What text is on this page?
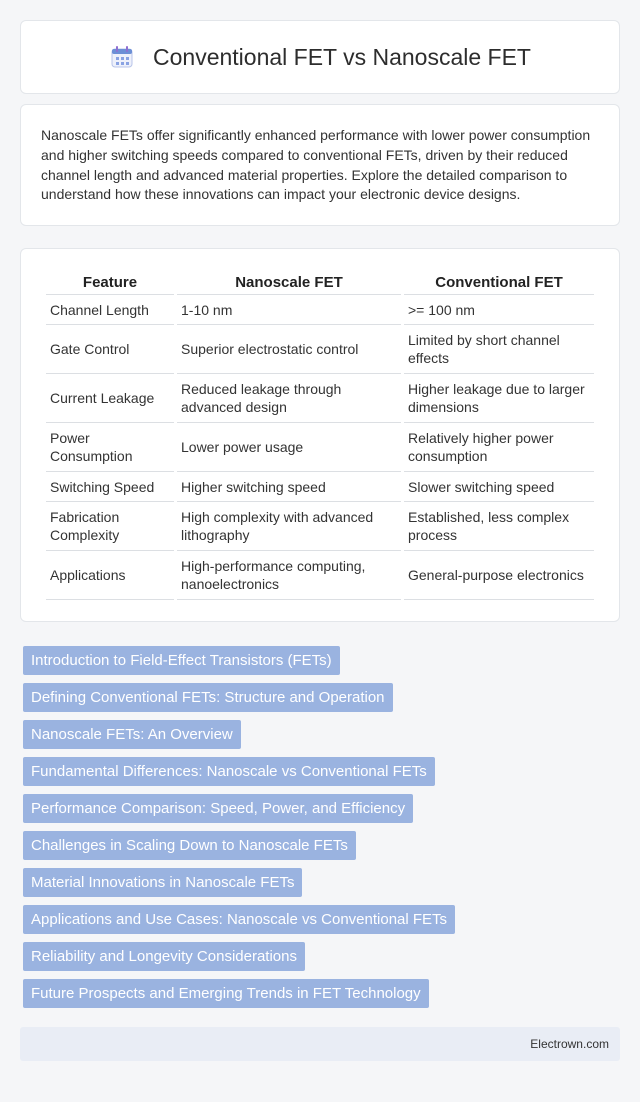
Conventional FET vs Nanoscale FET

Nanoscale FETs offer significantly enhanced performance with lower power consumption and higher switching speeds compared to conventional FETs, driven by their reduced channel length and advanced material properties. Explore the detailed comparison to understand how these innovations can impact your electronic device designs.

Feature	Nanoscale FET	Conventional FET
Channel Length	1-10 nm	>= 100 nm
Gate Control	Superior electrostatic control	Limited by short channel effects
Current Leakage	Reduced leakage through advanced design	Higher leakage due to larger dimensions
Power Consumption	Lower power usage	Relatively higher power consumption
Switching Speed	Higher switching speed	Slower switching speed
Fabrication Complexity	High complexity with advanced lithography	Established, less complex process
Applications	High-performance computing, nanoelectronics	General-purpose electronics
Introduction to Field-Effect Transistors (FETs)
Defining Conventional FETs: Structure and Operation
Nanoscale FETs: An Overview
Fundamental Differences: Nanoscale vs Conventional FETs
Performance Comparison: Speed, Power, and Efficiency
Challenges in Scaling Down to Nanoscale FETs
Material Innovations in Nanoscale FETs
Applications and Use Cases: Nanoscale vs Conventional FETs
Reliability and Longevity Considerations
Future Prospects and Emerging Trends in FET Technology
Electrown.com
